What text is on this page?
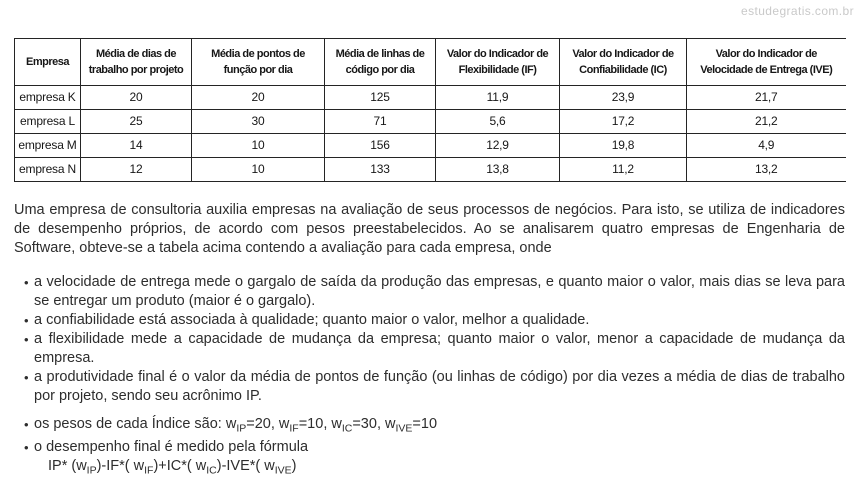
estudegratis.com.br
Empresa	Média de dias de trabalho por projeto	Média de pontos de função por dia	Média de linhas de código por dia	Valor do Indicador de Flexibilidade (IF)	Valor do Indicador de Confiabilidade (IC)	Valor do Indicador de Velocidade de Entrega (IVE)
empresa K	20	20	125	11,9	23,9	21,7
empresa L	25	30	71	5,6	17,2	21,2
empresa M	14	10	156	12,9	19,8	4,9
empresa N	12	10	133	13,8	11,2	13,2
Uma empresa de consultoria auxilia empresas na avaliação de seus processos de negócios. Para isto, se utiliza de indicadores de desempenho próprios, de acordo com pesos preestabelecidos. Ao se analisarem quatro empresas de Engenharia de Software, obteve-se a tabela acima contendo a avaliação para cada empresa, onde
• a velocidade de entrega mede o gargalo de saída da produção das empresas, e quanto maior o valor, mais dias se leva para se entregar um produto (maior é o gargalo).
• a confiabilidade está associada à qualidade; quanto maior o valor, melhor a qualidade.
• a flexibilidade mede a capacidade de mudança da empresa; quanto maior o valor, menor a capacidade de mudança da empresa.
• a produtividade final é o valor da média de pontos de função (ou linhas de código) por dia vezes a média de dias de trabalho por projeto, sendo seu acrônimo IP.
• os pesos de cada Índice são: $w_{IP}=20$, $w_{IF}=10$, $w_{IC}=30$, $w_{IVE}=10$
• o desempenho final é medido pela fórmula
IP* $(w_{IP})-IF*$( $w_{IF})+IC*$( $w_{IC})-IVE*$( $w_{IVE}$)
